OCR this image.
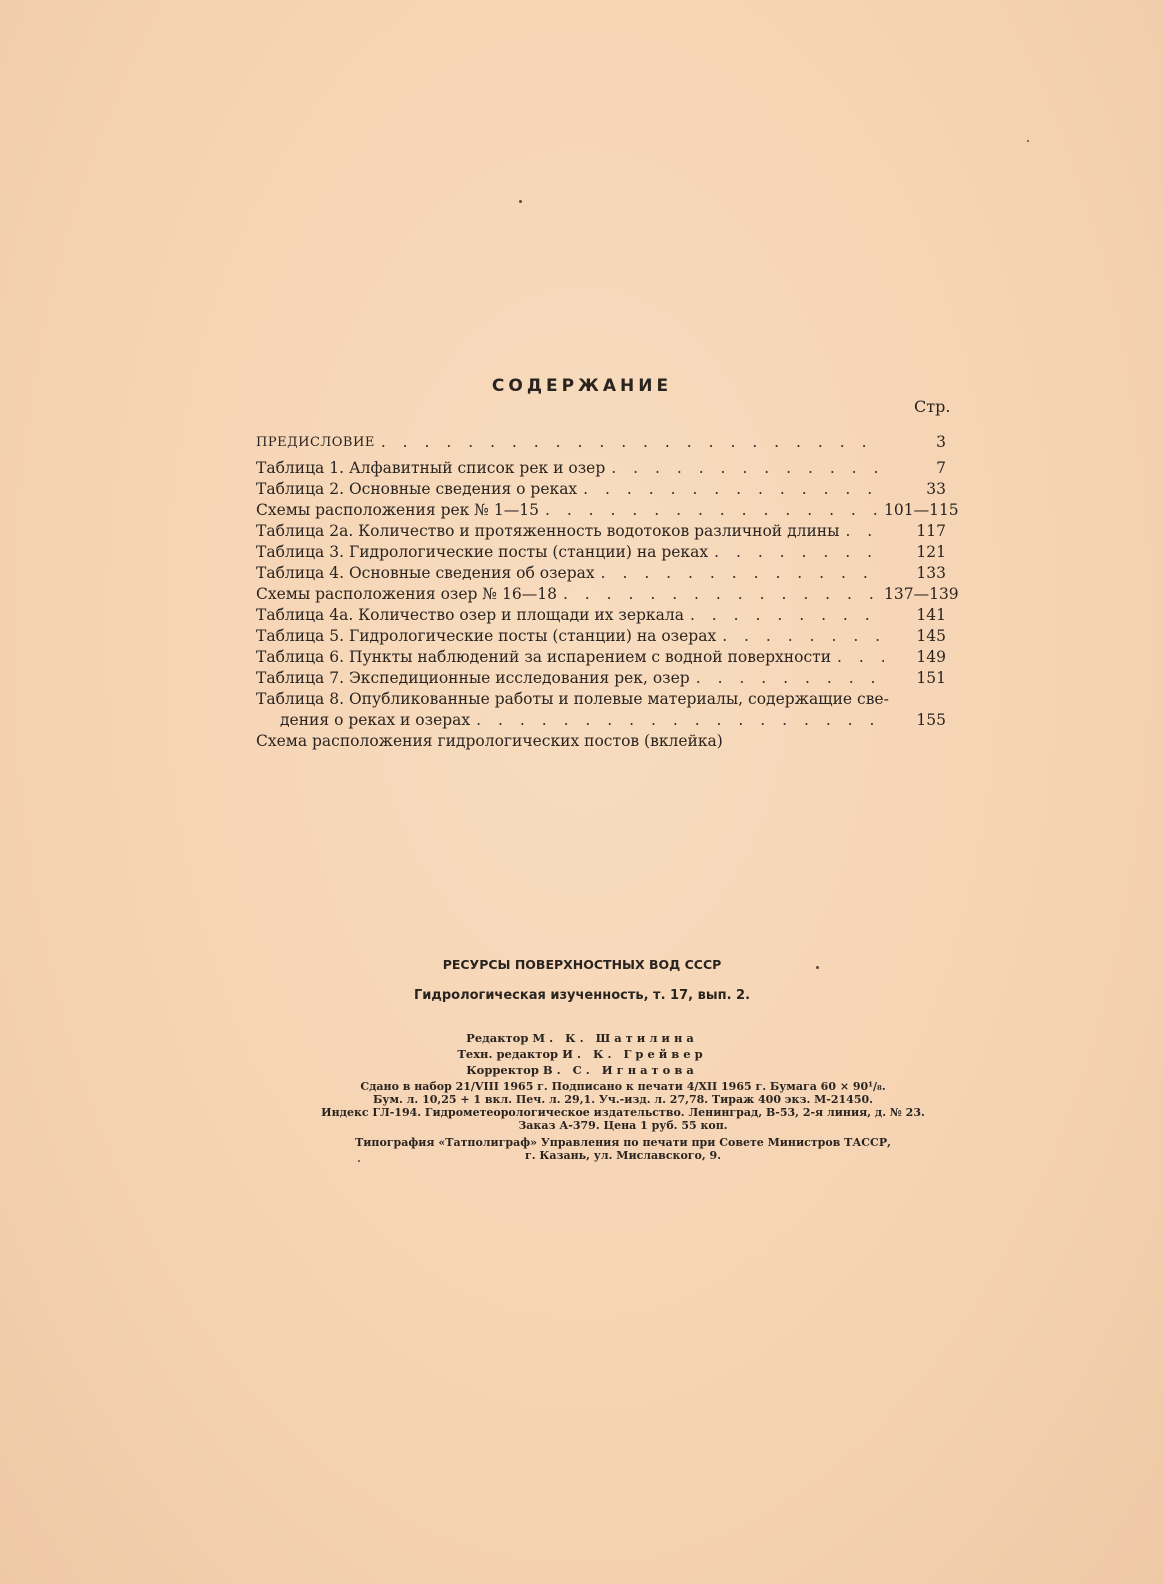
СОДЕРЖАНИЕ
Стр.
ПРЕДИСЛОВИЕ . . .	3
Таблица 1. Алфавитный список рек и озер . . .	7
Таблица 2. Основные сведения о реках . . .	33
Схемы расположения рек № 1—15 . . .	101—115
Таблица 2а. Количество и протяженность водотоков различной длины . . .	117
Таблица 3. Гидрологические посты (станции) на реках . . .	121
Таблица 4. Основные сведения об озерах . . .	133
Схемы расположения озер № 16—18 . . .	137—139
Таблица 4а. Количество озер и площади их зеркала . . .	141
Таблица 5. Гидрологические посты (станции) на озерах . . .	145
Таблица 6. Пункты наблюдений за испарением с водной поверхности . . .	149
Таблица 7. Экспедиционные исследования рек, озер . . .	151
Таблица 8. Опубликованные работы и полевые материалы, содержащие све-
дения о реках и озерах . . .	155
Схема расположения гидрологических постов (вклейка)
РЕСУРСЫ ПОВЕРХНОСТНЫХ ВОД СССР
Гидрологическая изученность, т. 17, вып. 2.
Редактор М. К. Шатилина
Техн. редактор И. К. Грейвер
Корректор В. С. Игнатова
Сдано в набор 21/VIII 1965 г. Подписано к печати 4/XII 1965 г. Бумага 60 × 90¹/₈.
Бум. л. 10,25 + 1 вкл. Печ. л. 29,1. Уч.-изд. л. 27,78. Тираж 400 экз. М-21450.
Индекс ГЛ-194. Гидрометеорологическое издательство. Ленинград, В-53, 2-я линия, д. № 23.
Заказ А-379. Цена 1 руб. 55 коп.
Типография «Татполиграф» Управления по печати при Совете Министров ТАССР,
г. Казань, ул. Миславского, 9.
